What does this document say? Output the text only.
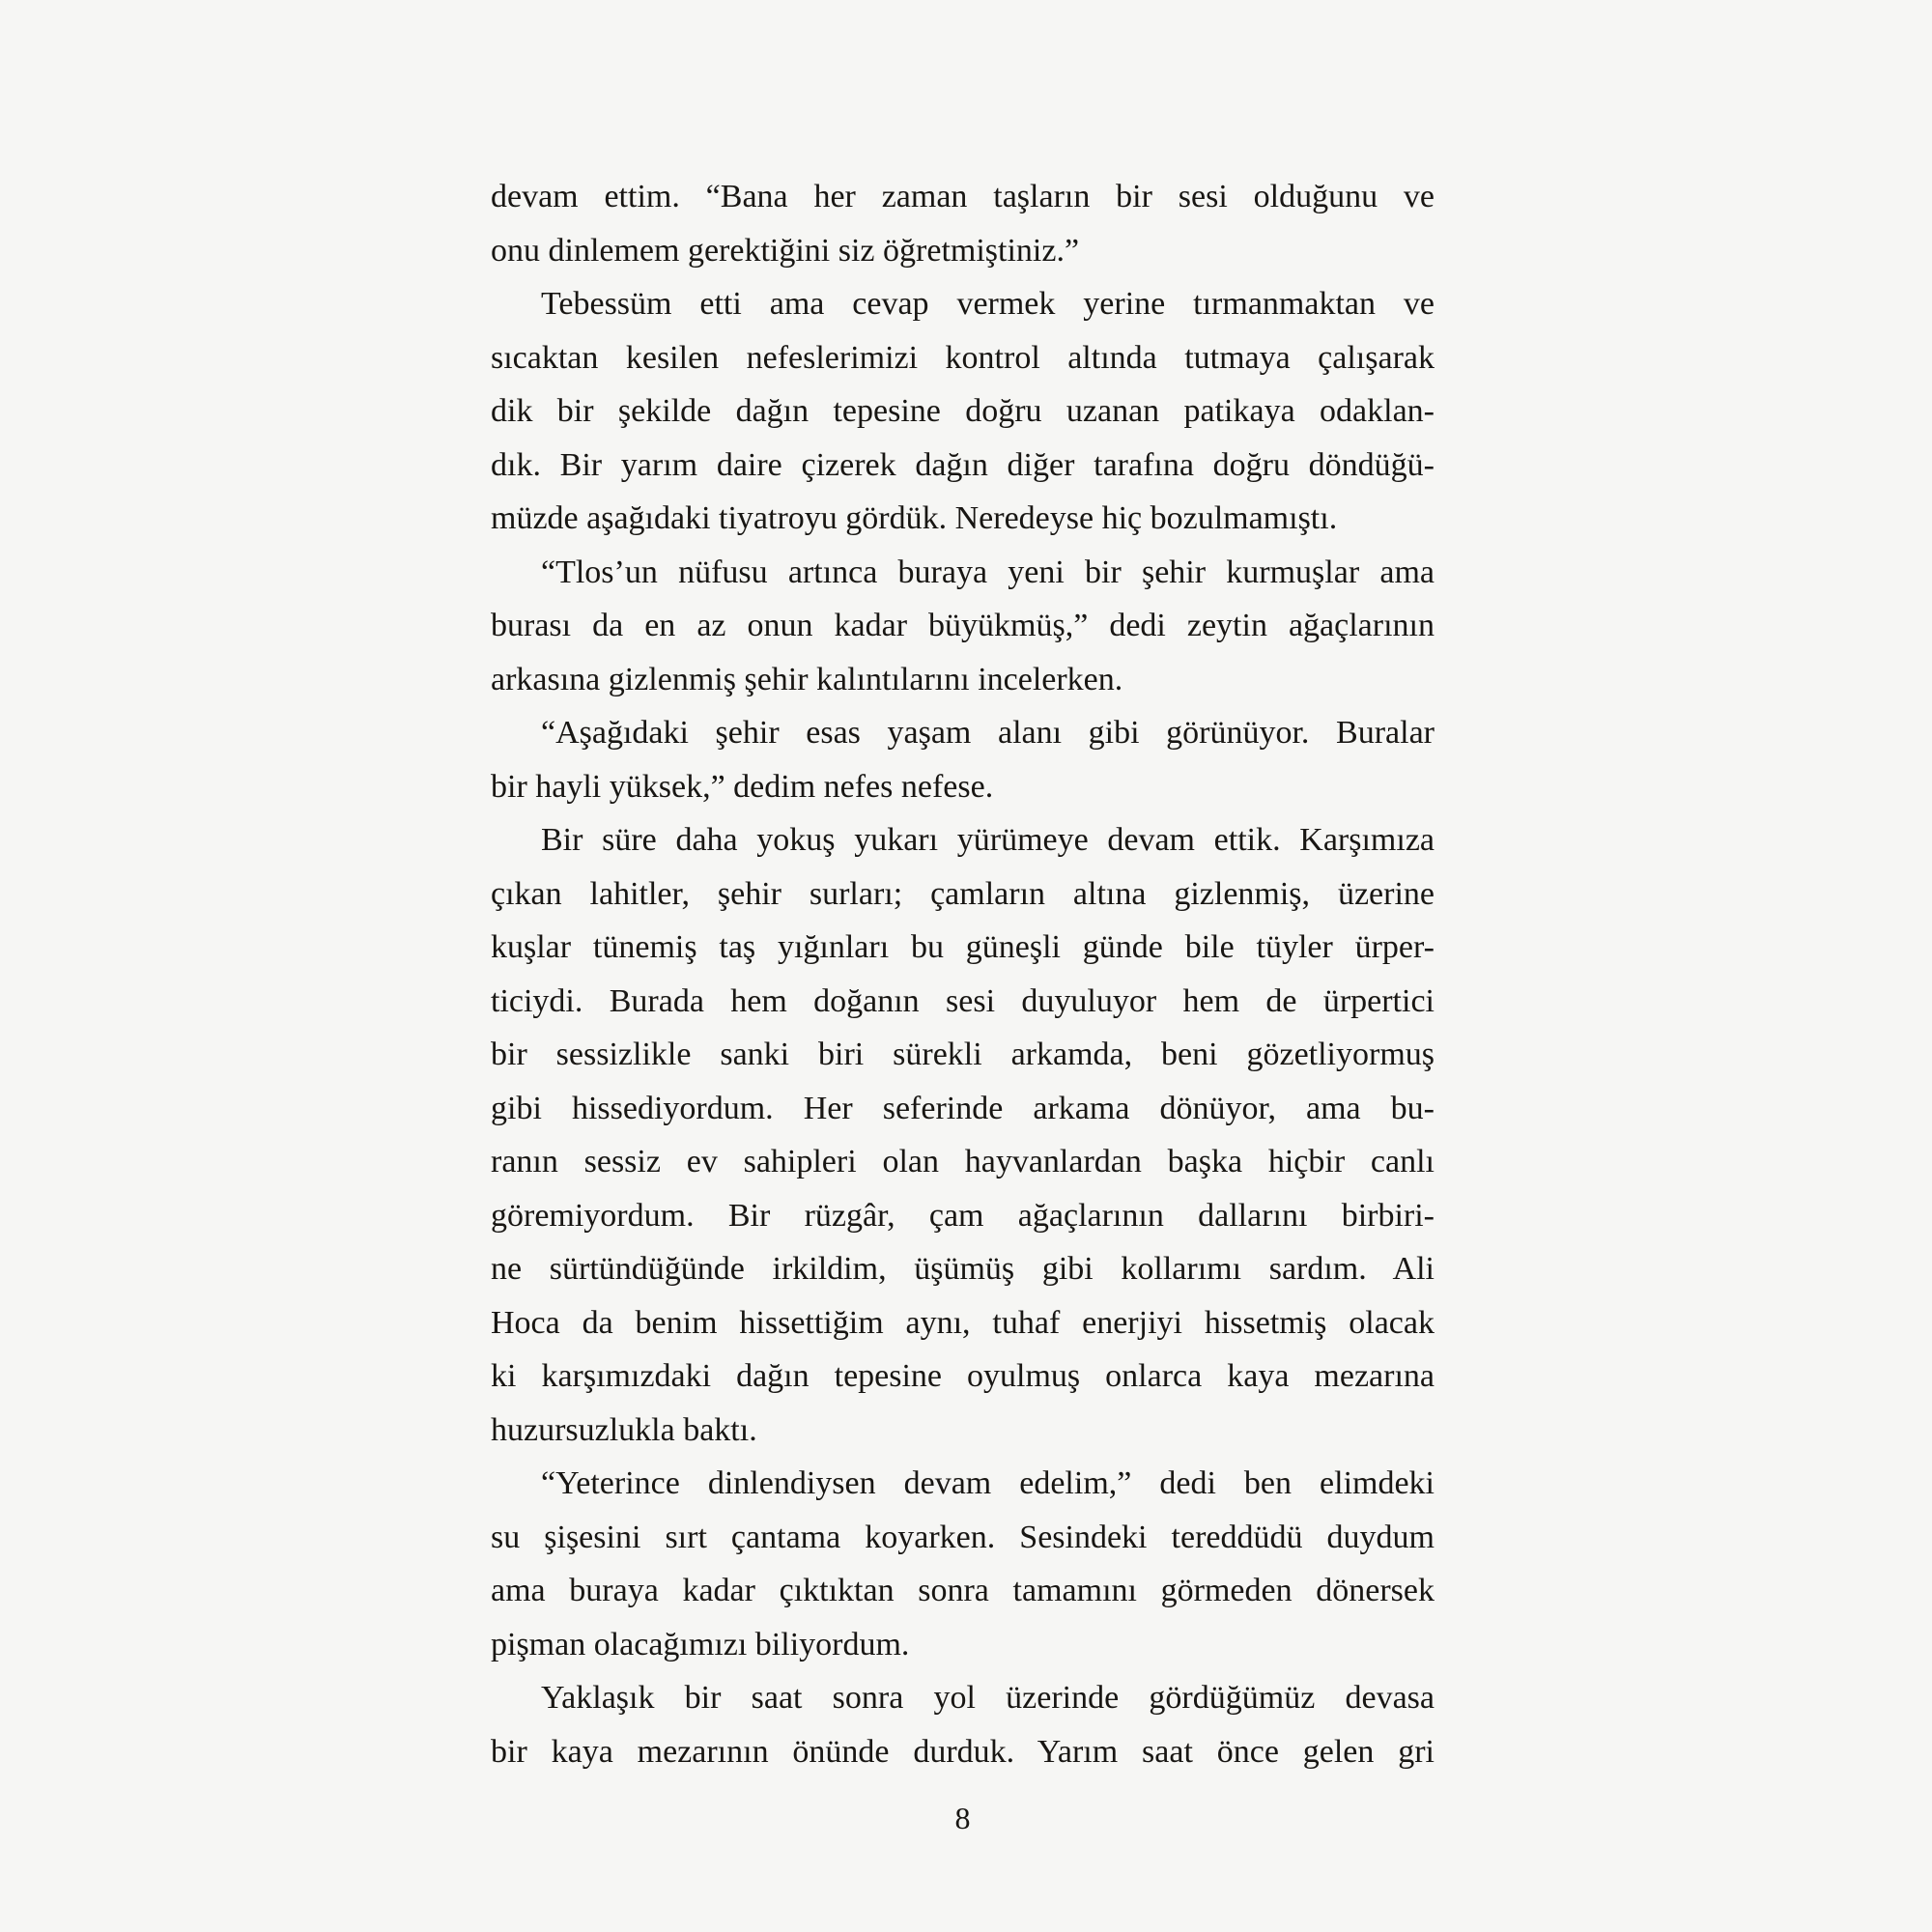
devam ettim. “Bana her zaman taşların bir sesi olduğunu ve
onu dinlemem gerektiğini siz öğretmiştiniz.”
Tebessüm etti ama cevap vermek yerine tırmanmaktan ve
sıcaktan kesilen nefeslerimizi kontrol altında tutmaya çalışarak
dik bir şekilde dağın tepesine doğru uzanan patikaya odaklan-
dık. Bir yarım daire çizerek dağın diğer tarafına doğru döndüğü-
müzde aşağıdaki tiyatroyu gördük. Neredeyse hiç bozulmamıştı.
“Tlos’un nüfusu artınca buraya yeni bir şehir kurmuşlar ama
burası da en az onun kadar büyükmüş,” dedi zeytin ağaçlarının
arkasına gizlenmiş şehir kalıntılarını incelerken.
“Aşağıdaki şehir esas yaşam alanı gibi görünüyor. Buralar
bir hayli yüksek,” dedim nefes nefese.
Bir süre daha yokuş yukarı yürümeye devam ettik. Karşımıza
çıkan lahitler, şehir surları; çamların altına gizlenmiş, üzerine
kuşlar tünemiş taş yığınları bu güneşli günde bile tüyler ürper-
ticiydi. Burada hem doğanın sesi duyuluyor hem de ürpertici
bir sessizlikle sanki biri sürekli arkamda, beni gözetliyormuş
gibi hissediyordum. Her seferinde arkama dönüyor, ama bu-
ranın sessiz ev sahipleri olan hayvanlardan başka hiçbir canlı
göremiyordum. Bir rüzgâr, çam ağaçlarının dallarını birbiri-
ne sürtündüğünde irkildim, üşümüş gibi kollarımı sardım. Ali
Hoca da benim hissettiğim aynı, tuhaf enerjiyi hissetmiş olacak
ki karşımızdaki dağın tepesine oyulmuş onlarca kaya mezarına
huzursuzlukla baktı.
“Yeterince dinlendiysen devam edelim,” dedi ben elimdeki
su şişesini sırt çantama koyarken. Sesindeki tereddüdü duydum
ama buraya kadar çıktıktan sonra tamamını görmeden dönersek
pişman olacağımızı biliyordum.
Yaklaşık bir saat sonra yol üzerinde gördüğümüz devasa
bir kaya mezarının önünde durduk. Yarım saat önce gelen gri
8
